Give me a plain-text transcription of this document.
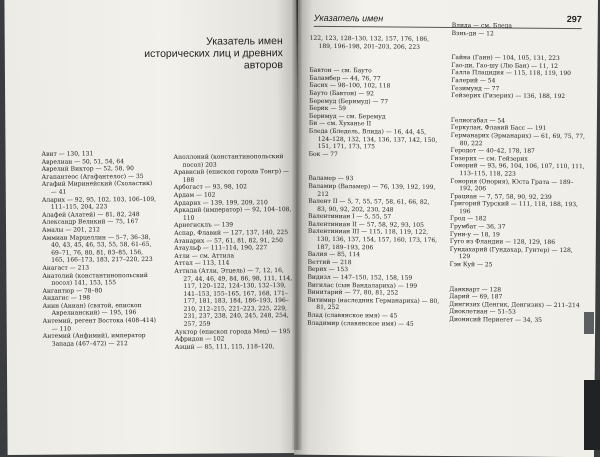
Указатель имен
исторических лиц и древних авторов

Авит — 130, 131

Аврелиан — 50, 51, 54, 64

Аврелий Виктор — 52, 58, 90

Агапантеос (Агафантелос) — 35

Агафий Миринейский (Схоластик) — 41

Аларих — 92, 95, 102, 103, 106–109, 111–115, 204, 223

Алафей (Алатей) — 81, 82, 248

Александр Великий — 75, 167

Амалы — 201, 212

Аммиан Марцеллин — 5–7, 36–38, 40, 43, 45, 46, 53, 55, 58, 61–65, 69–71, 76, 80, 81, 83–85, 156, 165, 166–173, 183, 217–220, 223

Анагаст — 213

Анатолий (константинопольский посол) 141, 153, 155

Ангантюр — 78–80

Андагис — 198

Анин (Аниан) (святой, епископ Аврелианский) — 195, 196

Антемий, регент Востока (408–414) — 110

Антемий (Анфимий), император Запада (467–472) — 212

Аполлоний (константинопольский посол) 203

Арависий (епископ города Тонгр) — 188

Арбогаст — 93, 98, 102

Ардам — 102

Ардарих — 139, 199, 209, 210

Аркадий (император) — 92, 104–108, 110

Арнегисклъ — 139

Аспар, Флавий — 127, 137, 140, 225

Атанарих — 57, 61, 81, 82, 91, 250

Атаульф — 111–114, 190, 227

Атли — см. Аттила

Аттал — 113, 114

Аттила (Атли, Этцель) — 7, 12, 16, 27, 44, 46, 49, 84, 86, 98, 111, 114, 117, 120–122, 124–130, 132–139, 141–153, 155–165, 167, 168, 171–177, 181, 183, 184, 186–193, 196–210, 212–215, 221–223, 225, 229, 231, 237, 238, 240, 245, 248, 254, 257, 259

Ауктор (епископ города Мец) — 195

Афридон — 102

Аэций — 85, 111, 115, 118–120,

Указатель имен	297

122, 123, 128–130, 132, 157, 176, 186, 189, 196–198, 201–203, 206, 223

Бавтон — см. Баутo

Баламбер — 44, 76, 77

Басих — 98–100, 102, 118

Бауто (Бавтон) — 92

Беремуд (Беримуд) — 77

Берик — 59

Беримуд — см. Беремуд

Би — см. Хуханье II

Бледа (Бледель, Влида) — 16, 44, 45, 124–128, 132, 134, 136, 137, 142, 150, 151, 171, 173, 175

Бок — 77

Валамер — 93

Валамир (Валамер) — 76, 139, 192, 199, 212

Валент II — 5, 7, 55, 57, 58, 61, 66, 82, 83, 90, 92, 202, 230, 248

Валентиниан I — 5, 55, 57

Валентиниан II — 57, 58, 92, 93, 105

Валентиниан III — 115, 118, 119, 122, 130, 136, 137, 154, 157, 160, 173, 176, 187, 189–193, 206

Валия — 85, 114

Веттий — 218

Верих — 153

Видизл — 147–150, 152, 158, 159

Вигилас (сын Вандалариха) — 199

Винитарий — 77, 80, 81, 252

Витимир (наследник Германариха) — 80, 81, 252

Влад (славянское имя) — 45

Владимир (славянское имя) — 45

Влида — см. Бледа

Взнь-ди — 12

Гайна (Гаин) — 104, 105, 131, 223

Гао-ди, Гао-шу (Лю Бан) — 11, 12

Галла Плацидия — 115, 118, 119, 190

Галерий — 54

Гезимунд — 77

Гейзерих (Гизерих) — 136, 188, 192

Гелиогабал — 54

Геркулан, Флавий Басс — 191

Германарих (Эрманарих) — 61, 69, 75, 77, 80, 222

Геродот — 40–42, 178, 187

Гизерих — см. Гейзерих

Гонорий — 93, 96, 104, 106, 107, 110, 111, 113–115, 118, 223

Гонория (Онория), Юста Грата — 189–192, 206

Грациан — 7, 57, 58, 90, 92, 239

Григорий Турский — 111, 118, 188, 193, 196

Грод — 182

Грумбат — 36, 37

Гуни-у — 18, 19

Гуго из Фландии — 128, 129, 186

Гундахарий (Гундахар, Гунтер) — 128, 129

Гэн Куй — 25

Данкварт — 128

Дарий — 69, 187

Дингизих (Денгик, Денгизих) — 211–214

Диоклетиан — 51–53

Дионисий Периегет — 34, 35
